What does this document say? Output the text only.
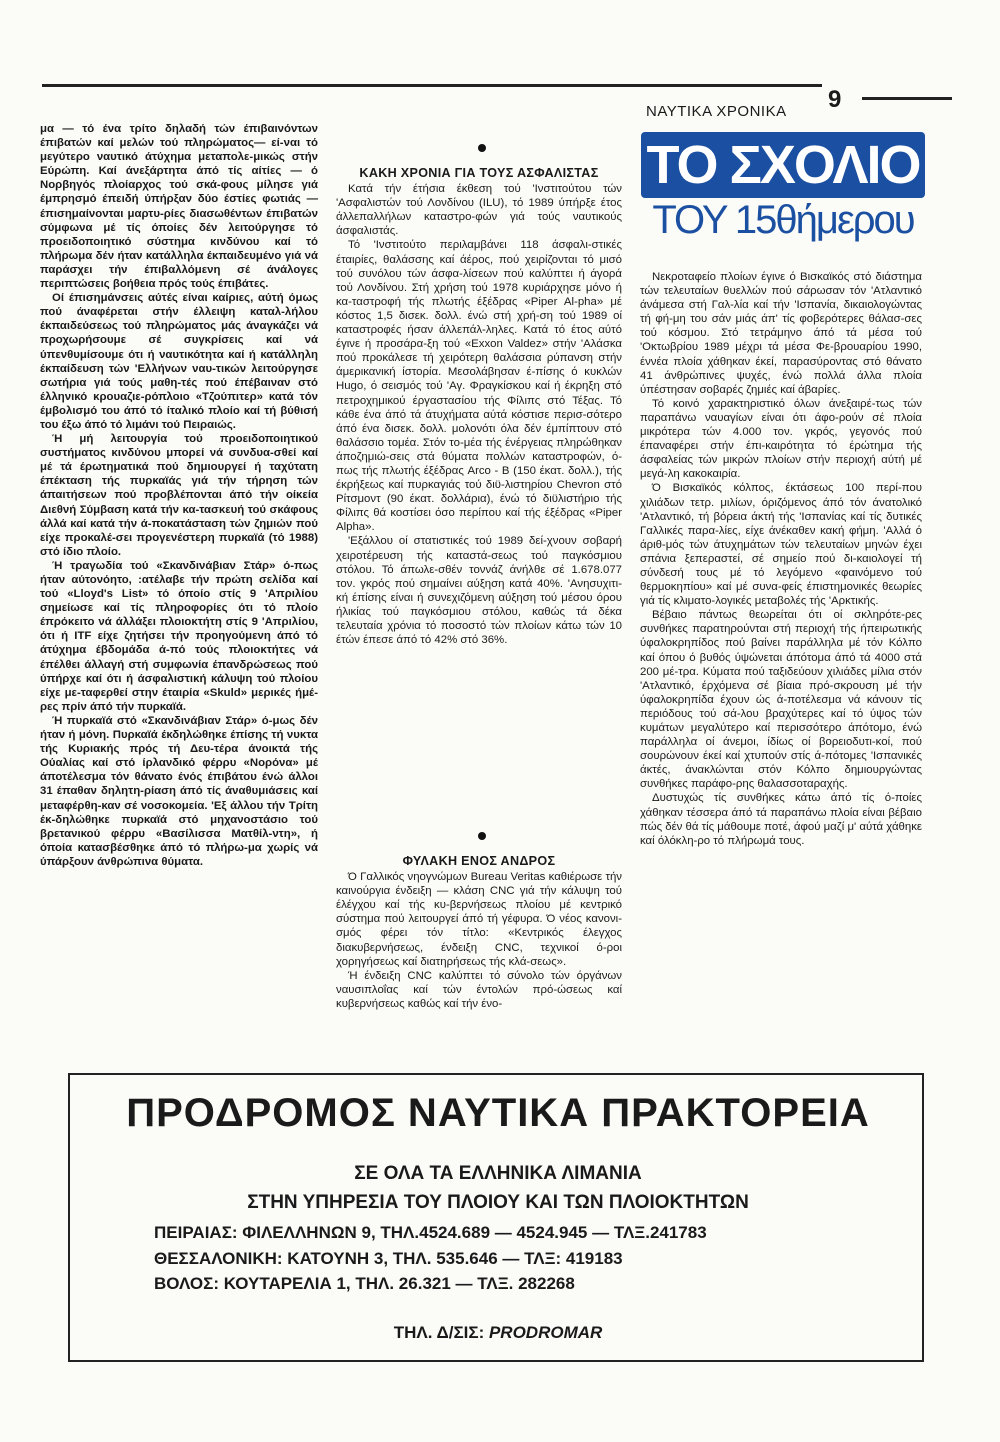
ΝΑΥΤΙΚΑ ΧΡΟΝΙΚΑ 9

μα — τό ένα τρίτο δηλαδή τών έπιβαινόντων έπιβατών καί μελών τού πληρώματος— εί-ναι τό μεγύτερο ναυτικό άτύχημα μεταπολε-μικώς στήν Εύρώπη. Καί άνεξάρτητα άπό τίς αίτίες — ό Νορβηγός πλοίαρχος τού σκά-φους μίλησε γιά έμπρησμό έπειδή ύπήρξαν δύο έστίες φωτιάς — έπισημαίνονται μαρτυ-ρίες διασωθέντων έπιβατών σύμφωνα μέ τίς όποίες δέν λειτούργησε τό προειδοποιητικό σύστημα κινδύνου καί τό πλήρωμα δέν ήταν κατάλληλα έκπαιδευμένο γιά νά παράσχει τήν έπιβαλλόμενη σέ άνάλογες περιπτώσεις βοήθεια πρός τούς έπιβάτες.

Οί έπισημάνσεις αύτές είναι καίριες, αύτή όμως πού άναφέρεται στήν έλλειψη καταλ-λήλου έκπαιδεύσεως τού πληρώματος μάς άναγκάζει νά προχωρήσουμε σέ συγκρίσεις καί νά ύπενθυμίσουμε ότι ή ναυτικότητα καί ή κατάλληλη έκπαίδευση τών 'Ελλήνων ναυ-τικών λειτούργησε σωτήρια γιά τούς μαθη-τές πού έπέβαιναν στό έλληνικό κρουαζιε-ρόπλοιο «Τζούπιτερ» κατά τόν έμβολισμό του άπό τό ίταλικό πλοίο καί τή βύθισή του έξω άπό τό λιμάνι τού Πειραιώς.

Ή μή λειτουργία τού προειδοποιητικού συστήματος κινδύνου μπορεί νά συνδυα-σθεί καί μέ τά έρωτηματικά πού δημιουργεί ή ταχύτατη έπέκταση τής πυρκαϊάς γιά τήν τήρηση τών άπαιτήσεων πού προβλέπονται άπό τήν οίκεία Διεθνή Σύμβαση κατά τήν κα-τασκευή τού σκάφους άλλά καί κατά τήν ά-ποκατάσταση τών ζημιών πού είχε προκαλέ-σει προγενέστερη πυρκαϊά (τό 1988) στό ίδιο πλοίο.

Ή τραγωδία τού «Σκανδινάβιαν Στάρ» ό-πως ήταν αύτονόητο, :ατέλαβε τήν πρώτη σελίδα καί τού «Lloyd's List» τό όποίο στίς 9 'Απριλίου σημείωσε καί τίς πληροφορίες ότι τό πλοίο έπρόκειτο νά άλλάξει πλοιοκτήτη στίς 9 'Απριλίου, ότι ή ITF είχε ζητήσει τήν προηγούμενη άπό τό άτύχημα έβδομάδα ά-πό τούς πλοιοκτήτες νά έπέλθει άλλαγή στή συμφωνία έπανδρώσεως πού ύπήρχε καί ότι ή άσφαλιστική κάλυψη τού πλοίου είχε με-ταφερθεί στην έταιρία «Skuld» μερικές ήμέ-ρες πρίν άπό τήν πυρκαϊά.

Ή πυρκαϊά στό «Σκανδινάβιαν Στάρ» ό-μως δέν ήταν ή μόνη. Πυρκαϊά έκδηλώθηκε έπίσης τή νυκτα τής Κυριακής πρός τή Δευ-τέρα άνοικτά τής Ούαλίας καί στό ίρλανδικό φέρρυ «Νορόνα» μέ άποτέλεσμα τόν θάνατο ένός έπιβάτου ένώ άλλοι 31 έπαθαν δηλητη-ρίαση άπό τίς άναθυμιάσεις καί μεταφέρθη-καν σέ νοσοκομεία. 'Εξ άλλου τήν Τρίτη έκ-δηλώθηκε πυρκαϊά στό μηχανοστάσιο τού βρετανικού φέρρυ «Βασίλισσα Ματθίλ-ντη», ή όποία κατασβέσθηκε άπό τό πλήρω-μα χωρίς νά ύπάρξουν άνθρώπινα θύματα.

ΚΑΚΗ ΧΡΟΝΙΑ ΓΙΑ ΤΟΥΣ ΑΣΦΑΛΙΣΤΑΣ

Κατά τήν έτήσια έκθεση τού 'Ινστιτούτου τών 'Ασφαλιστών τού Λονδίνου (ILU), τό 1989 ύπήρξε έτος άλλεπαλλήλων καταστρο-φών γιά τούς ναυτικούς άσφαλιστάς.

Τό 'Ινστιτούτο περιλαμβάνει 118 άσφαλι-στικές έταιρίες, θαλάσσης καί άέρος, πού χειρίζονται τό μισό τού συνόλου τών άσφα-λίσεων πού καλύπτει ή άγορά τού Λονδίνου. Στή χρήση τού 1978 κυριάρχησε μόνο ή κα-ταστροφή τής πλωτής έξέδρας «Piper Al-pha» μέ κόστος 1,5 δισεκ. δολλ. ένώ στή χρή-ση τού 1989 οί καταστροφές ήσαν άλλεπάλ-ληλες. Κατά τό έτος αύτό έγινε ή προσάρα-ξη τού «Exxon Valdez» στήν 'Αλάσκα πού προκάλεσε τή χειρότερη θαλάσσια ρύπανση στήν άμερικανική ίστορία. Μεσολάβησαν έ-πίσης ό κυκλών Hugo, ό σεισμός τού 'Αγ. Φραγκίσκου καί ή έκρηξη στό πετροχημικού έργαστασίου τής Φίλιπς στό Τέξας. Τό κάθε ένα άπό τά άτυχήματα αύτά κόστισε περισ-σότερο άπό ένα δισεκ. δολλ. μολονότι όλα δέν έμπίπτουν στό θαλάσσιο τομέα. Στόν το-μέα τής ένέργειας πληρώθηκαν άποζημιώ-σεις στά θύματα πολλών καταστροφών, ό-πως τής πλωτής έξέδρας Arco - B (150 έκατ. δολλ.), τής έκρήξεως καί πυρκαγιάς τού διϋ-λιστηρίου Chevron στό Ρίτσμοντ (90 έκατ. δολλάρια), ένώ τό διϋλιστήριο τής Φίλιπς θά κοστίσει όσο περίπου καί τής έξέδρας «Piper Alpha».

'Εξάλλου οί στατιστικές τού 1989 δεί-χνουν σοβαρή χειροτέρευση τής καταστά-σεως τού παγκόσμιου στόλου. Τό άπωλε-σθέν τοννάζ άνήλθε σέ 1.678.077 τον. γκρός πού σημαίνει αύξηση κατά 40%. 'Ανησυχιτι-κή έπίσης είναι ή συνεχιζόμενη αύξηση τού μέσου όρου ήλικίας τού παγκόσμιου στόλου, καθώς τά δέκα τελευταία χρόνια τό ποσοστό τών πλοίων κάτω τών 10 έτών έπεσε άπό τό 42% στό 36%.

ΦΥΛΑΚΗ ΕΝΟΣ ΑΝΔΡΟΣ

Ό Γαλλικός νηογνώμων Bureau Veritas καθιέρωσε τήν καινούργια ένδειξη — κλάση CNC γιά τήν κάλυψη τού έλέγχου καί τής κυ-βερνήσεως πλοίου μέ κεντρικό σύστημα πού λειτουργεί άπό τή γέφυρα. Ό νέος κανονι-σμός φέρει τόν τίτλο: «Κεντρικός έλεγχος διακυβερνήσεως, ένδειξη CNC, τεχνικοί ό-ροι χορηγήσεως καί διατηρήσεως τής κλά-σεως».

Ή ένδειξη CNC καλύπτει τό σύνολο τών όργάνων ναυσιπλοΐας καί τών έντολών πρό-ώσεως καί κυβερνήσεως καθώς καί τήν ένο-

ΤΟ ΣΧΟΛΙΟ
ΤΟΥ 15θήμερου

Νεκροταφείο πλοίων έγινε ό Βισκαϊκός στό διάστημα τών τελευταίων θυελλών πού σάρωσαν τόν 'Ατλαντικό άνάμεσα στή Γαλ-λία καί τήν 'Ισπανία, δικαιολογώντας τή φή-μη του σάν μιάς άπ' τίς φοβερότερες θάλασ-σες τού κόσμου. Στό τετράμηνο άπό τά μέσα τού 'Οκτωβρίου 1989 μέχρι τά μέσα Φε-βρουαρίου 1990, έννέα πλοία χάθηκαν έκεί, παρασύροντας στό θάνατο 41 άνθρώπινες ψυχές, ένώ πολλά άλλα πλοία ύπέστησαν σοβαρές ζημιές καί άβαρίες.

Τό κοινό χαρακτηριστικό όλων άνεξαιρέ-τως τών παραπάνω ναυαγίων είναι ότι άφο-ρούν σέ πλοία μικρότερα τών 4.000 τον. γκρός, γεγονός πού έπαναφέρει στήν έπι-καιρότητα τό έρώτημα τής άσφαλείας τών μικρών πλοίων στήν περιοχή αύτή μέ μεγά-λη κακοκαιρία.

Ό Βισκαϊκός κόλπος, έκτάσεως 100 περί-που χιλιάδων τετρ. μιλίων, όριζόμενος άπό τόν άνατολικό 'Ατλαντικό, τή βόρεια άκτή τής 'Ισπανίας καί τίς δυτικές Γαλλικές παρα-λίες, είχε άνέκαθεν κακή φήμη. 'Αλλά ό άριθ-μός τών άτυχημάτων τών τελευταίων μηνών έχει σπάνια ξεπεραστεί, σέ σημείο πού δι-καιολογεί τή σύνδεσή τους μέ τό λεγόμενο «φαινόμενο τού θερμοκηπίου» καί μέ συνα-φείς έπιστημονικές θεωρίες γιά τίς κλιματο-λογικές μεταβολές τής 'Αρκτικής.

Βέβαιο πάντως θεωρείται ότι οί σκληρότε-ρες συνθήκες παρατηρούνται στή περιοχή τής ήπειρωτικής ύφαλοκρηπίδος πού βαίνει παράλληλα μέ τόν Κόλπο καί όπου ό βυθός ύψώνεται άπότομα άπό τά 4000 στά 200 μέ-τρα. Κύματα πού ταξιδεύουν χιλιάδες μίλια στόν 'Ατλαντικό, έρχόμενα σέ βίαια πρό-σκρουση μέ τήν ύφαλοκρηπίδα έχουν ώς ά-ποτέλεσμα νά κάνουν τίς περιόδους τού σά-λου βραχύτερες καί τό ύψος τών κυμάτων μεγαλύτερο καί περισσότερο άπότομο, ένώ παράλληλα οί άνεμοι, ίδίως οί βορειοδυτι-κοί, πού σουρώνουν έκεί καί χτυπούν στίς ά-πότομες 'Ισπανικές άκτές, άνακλώνται στόν Κόλπο δημιουργώντας συνθήκες παράφο-ρης θαλασσοταραχής.

Δυστυχώς τίς συνθήκες κάτω άπό τίς ό-ποίες χάθηκαν τέσσερα άπό τά παραπάνω πλοία είναι βέβαιο πώς δέν θά τίς μάθουμε ποτέ, άφού μαζί μ' αύτά χάθηκε καί όλόκλη-ρο τό πλήρωμά τους.

ΠΡΟΔΡΟΜΟΣ ΝΑΥΤΙΚΑ ΠΡΑΚΤΟΡΕΙΑ
ΣΕ ΟΛΑ ΤΑ ΕΛΛΗΝΙΚΑ ΛΙΜΑΝΙΑ
ΣΤΗΝ ΥΠΗΡΕΣΙΑ ΤΟΥ ΠΛΟΙΟΥ ΚΑΙ ΤΩΝ ΠΛΟΙΟΚΤΗΤΩΝ
ΠΕΙΡΑΙΑΣ: ΦΙΛΕΛΛΗΝΩΝ 9, ΤΗΛ.4524.689 — 4524.945 — ΤΛΞ.241783
ΘΕΣΣΑΛΟΝΙΚΗ: ΚΑΤΟΥΝΗ 3, ΤΗΛ. 535.646 — ΤΛΞ: 419183
ΒΟΛΟΣ: ΚΟΥΤΑΡΕΛΙΑ 1, ΤΗΛ. 26.321 — ΤΛΞ. 282268
ΤΗΛ. Δ/ΣΙΣ: PRODROMAR
